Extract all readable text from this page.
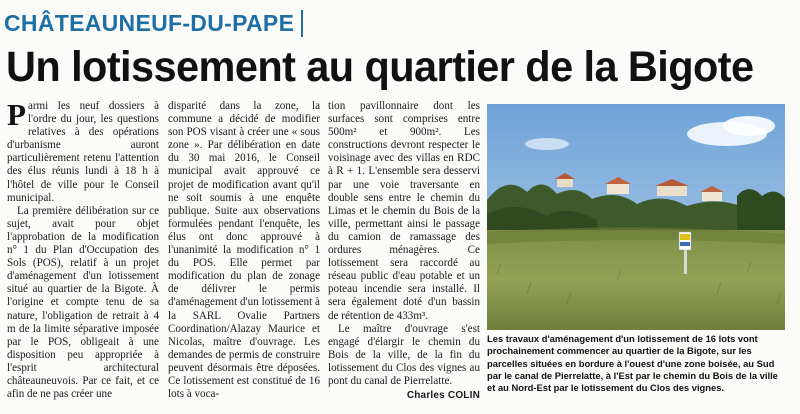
CHÂTEAUNEUF-DU-PAPE
Un lotissement au quartier de la Bigote

Parmi les neuf dossiers à l'ordre du jour, les questions relatives à des opérations d'urbanisme auront particulièrement retenu l'attention des élus réunis lundi à 18 h à l'hôtel de ville pour le Conseil municipal.

La première délibération sur ce sujet, avait pour objet l'approbation de la modification n° 1 du Plan d'Occupation des Sols (POS), relatif à un projet d'aménagement d'un lotissement situé au quartier de la Bigote. À l'origine et compte tenu de sa nature, l'obligation de retrait à 4 m de la limite séparative imposée par le POS, obligeait à une disposition peu appropriée à l'esprit architectural châteauneuvois. Par ce fait, et ce afin de ne pas créer une

disparité dans la zone, la commune a décidé de modifier son POS visant à créer une « sous zone ». Par délibération en date du 30 mai 2016, le Conseil municipal avait approuvé ce projet de modification avant qu'il ne soit soumis à une enquête publique. Suite aux observations formulées pendant l'enquête, les élus ont donc approuvé à l'unanimité la modification n° 1 du POS. Elle permet par modification du plan de zonage de délivrer le permis d'aménagement d'un lotissement à la SARL Ovalie Partners Coordination/Alazay Maurice et Nicolas, maître d'ouvrage. Les demandes de permis de construire peuvent désormais être déposées. Ce lotissement est constitué de 16 lots à voca-

tion pavillonnaire dont les surfaces sont comprises entre 500m² et 900m². Les constructions devront respecter le voisinage avec des villas en RDC à R + 1. L'ensemble sera desservi par une voie traversante en double sens entre le chemin du Limas et le chemin du Bois de la ville, permettant ainsi le passage du camion de ramassage des ordures ménagères. Ce lotissement sera raccordé au réseau public d'eau potable et un poteau incendie sera installé. Il sera également doté d'un bassin de rétention de 433m³.

Le maître d'ouvrage s'est engagé d'élargir le chemin du Bois de la ville, de la fin du lotissement du Clos des vignes au pont du canal de Pierrelatte.

Charles COLIN
Les travaux d'aménagement d'un lotissement de 16 lots vont prochainement commencer au quartier de la Bigote, sur les parcelles situées en bordure à l'ouest d'une zone boisée, au Sud par le canal de Pierrelatte, à l'Est par le chemin du Bois de la ville et au Nord-Est par le lotissement du Clos des vignes.
